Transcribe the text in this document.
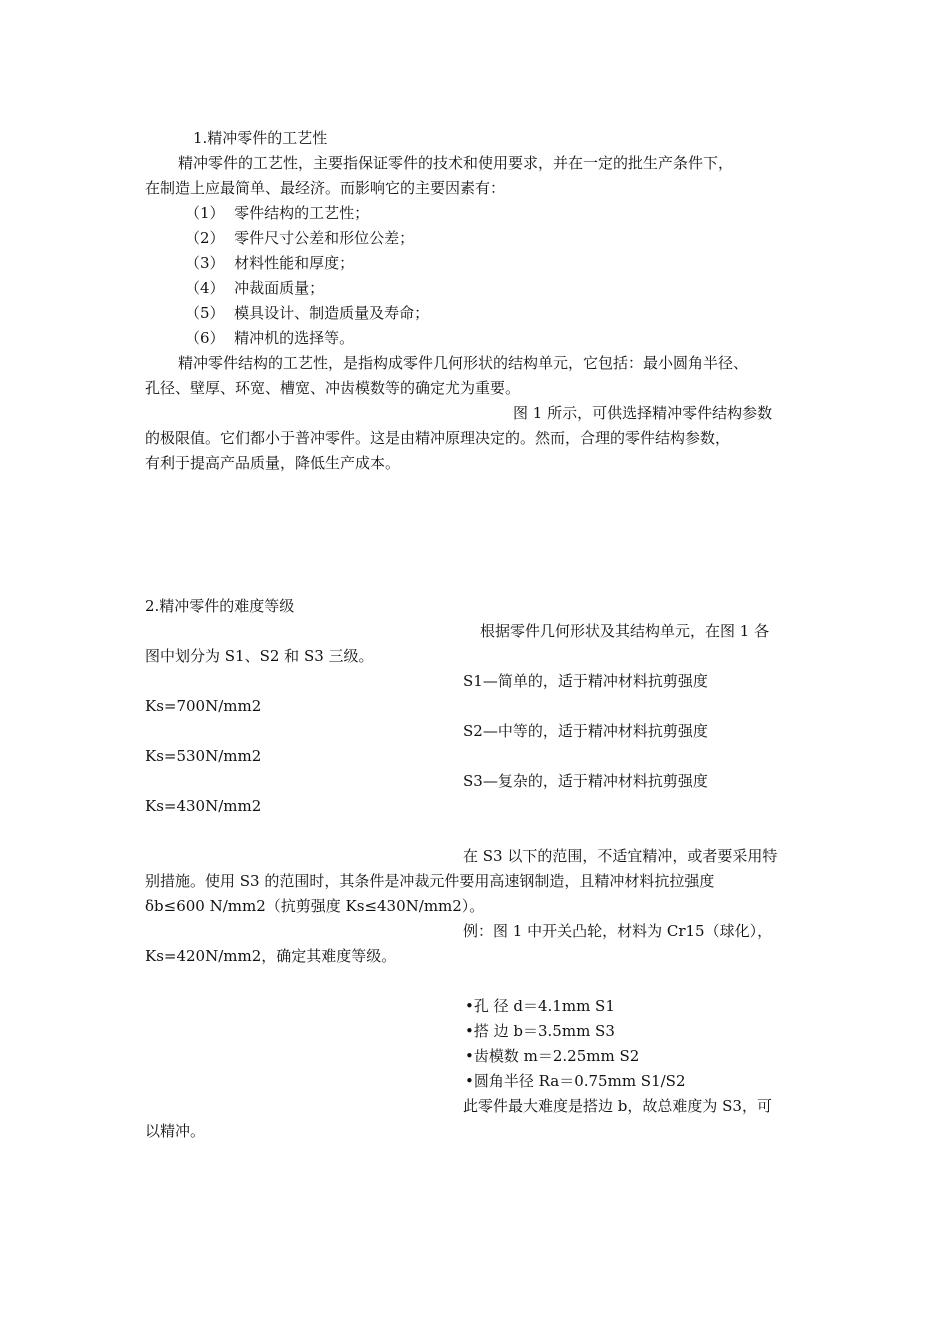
1.精冲零件的工艺性
精冲零件的工艺性，主要指保证零件的技术和使用要求，并在一定的批生产条件下，
在制造上应最简单、最经济。而影响它的主要因素有：
（1）  零件结构的工艺性；
（2）  零件尺寸公差和形位公差；
（3）  材料性能和厚度；
（4）  冲裁面质量；
（5）  模具设计、制造质量及寿命；
（6）  精冲机的选择等。
精冲零件结构的工艺性，是指构成零件几何形状的结构单元，它包括：最小圆角半径、
孔径、壁厚、环宽、槽宽、冲齿模数等的确定尤为重要。
图 1 所示，可供选择精冲零件结构参数
的极限值。它们都小于普冲零件。这是由精冲原理决定的。然而，合理的零件结构参数，
有利于提高产品质量，降低生产成本。
2.精冲零件的难度等级
根据零件几何形状及其结构单元，在图 1 各
图中划分为 S1、S2 和 S3 三级。
S1—简单的，适于精冲材料抗剪强度
Ks=700N/mm2
S2—中等的，适于精冲材料抗剪强度
Ks=530N/mm2
S3—复杂的，适于精冲材料抗剪强度
Ks=430N/mm2
在 S3 以下的范围，不适宜精冲，或者要采用特
别措施。使用 S3 的范围时，其条件是冲裁元件要用高速钢制造，且精冲材料抗拉强度
δb≤600 N/mm2（抗剪强度 Ks≤430N/mm2）。
例：图 1 中开关凸轮，材料为 Cr15（球化），
Ks=420N/mm2，确定其难度等级。
•孔 径 d＝4.1mm S1
•搭 边 b＝3.5mm S3
•齿模数 m＝2.25mm S2
•圆角半径 Ra＝0.75mm S1/S2
此零件最大难度是搭边 b，故总难度为 S3，可
以精冲。
